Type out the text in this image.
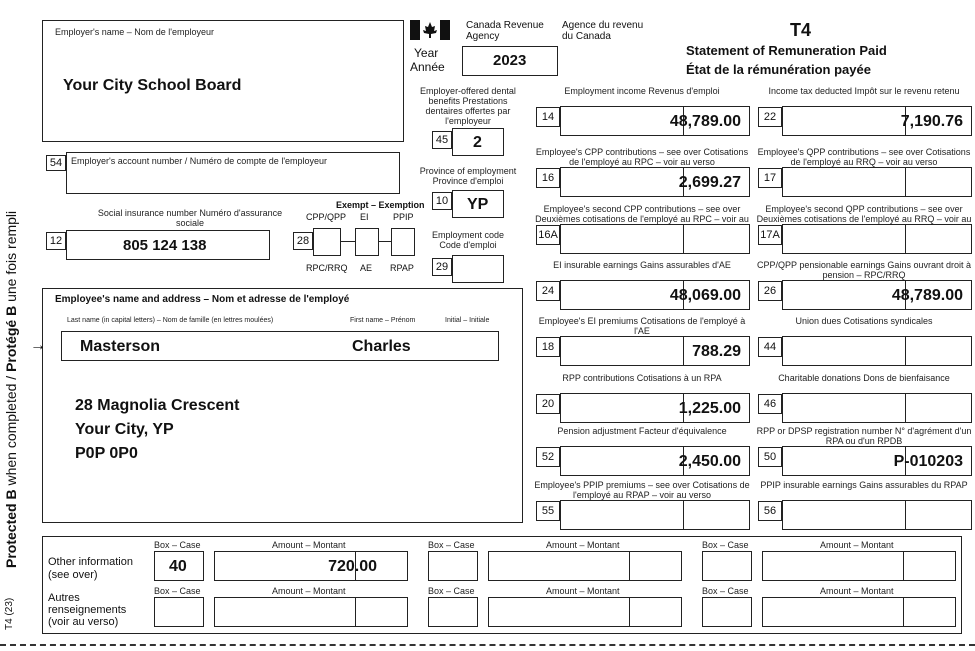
Protected B when completed / Protégé B une fois rempli
T4 (23)
Employer's name – Nom de l'employeur
Your City School Board
54 Employer's account number / Numéro de compte de l'employeur
Canada Revenue Agency
Agence du revenu du Canada
Year
Année	2023
T4
Statement of Remuneration Paid
État de la rémunération payée
Employer-offered dental benefits Prestations dentaires offertes par l'employeur
45 2
Province of employment Province d'emploi
10 YP
Employment code Code d'emploi
29
Social insurance number Numéro d'assurance sociale
12	805 124 138
Exempt – Exemption
CPP/QPP EI	PPIP
28
RPC/RRQ AE RPAP
Employee's name and address – Nom et adresse de l'employé
Last name (in capital letters) – Nom de famille (en lettres moulées)	First name – Prénom	Initial – Initiale
Masterson	Charles
28 Magnolia Crescent
Your City, YP
P0P 0P0
→
Employment income Revenus d'emploi
14	48,789.00
Employee's CPP contributions – see over Cotisations de l'employé au RPC – voir au verso
16	2,699.27
Employee's second CPP contributions – see over Deuxièmes cotisations de l'employé au RPC – voir au
16A
EI insurable earnings Gains assurables d'AE
24	48,069.00
Employee's EI premiums Cotisations de l'employé à l'AE
18	788.29
RPP contributions Cotisations à un RPA
20	1,225.00
Pension adjustment Facteur d'équivalence
52	2,450.00
Employee's PPIP premiums – see over Cotisations de l'employé au RPAP – voir au verso
55
Income tax deducted Impôt sur le revenu retenu
22	7,190.76
Employee's QPP contributions – see over Cotisations de l'employé au RRQ – voir au verso
17
Employee's second QPP contributions – see over Deuxièmes cotisations de l'employé au RRQ – voir au
17A
CPP/QPP pensionable earnings Gains ouvrant droit à pension – RPC/RRQ
26	48,789.00
Union dues Cotisations syndicales
44
Charitable donations Dons de bienfaisance
46
RPP or DPSP registration number N° d'agrément d'un RPA ou d'un RPDB
50	P-010203
PPIP insurable earnings Gains assurables du RPAP
56
Other information (see over)
Autres renseignements (voir au verso)
Box – Case	Amount – Montant
40	720.00
Box – Case	Amount – Montant	Box – Case	Amount – Montant
Box – Case	Amount – Montant	Box – Case	Amount – Montant	Box – Case	Amount – Montant
